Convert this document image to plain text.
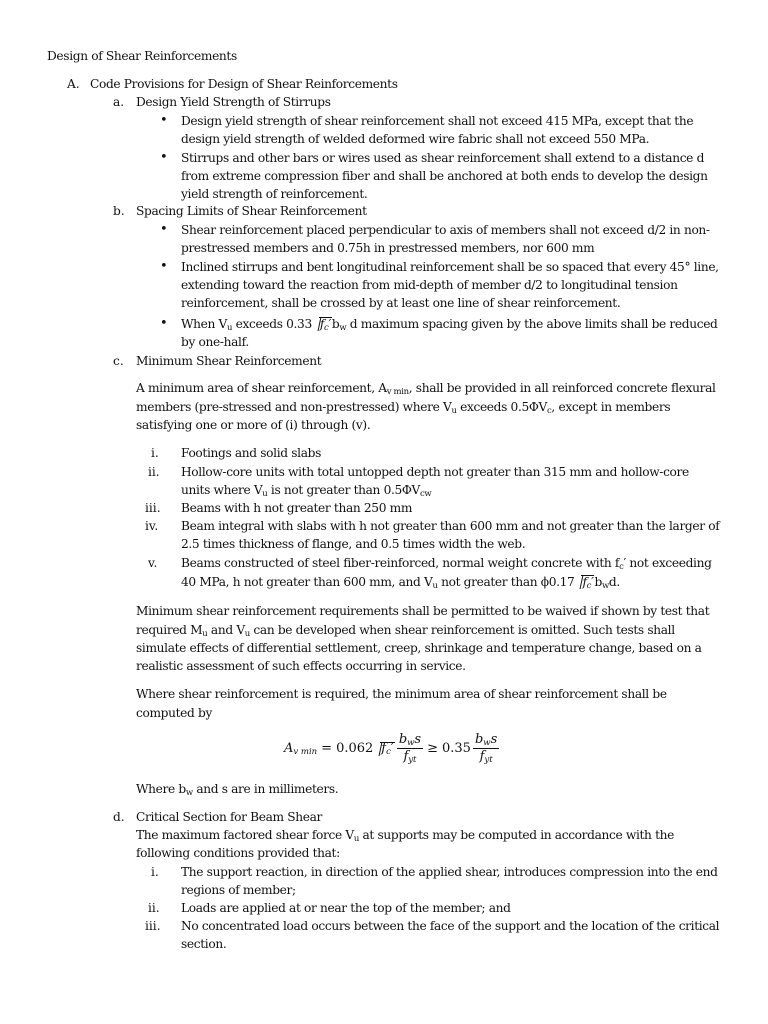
Design of Shear Reinforcements
A. Code Provisions for Design of Shear Reinforcements
a. Design Yield Strength of Stirrups
• Design yield strength of shear reinforcement shall not exceed 415 MPa, except that the
design yield strength of welded deformed wire fabric shall not exceed 550 MPa.
• Stirrups and other bars or wires used as shear reinforcement shall extend to a distance d
from extreme compression fiber and shall be anchored at both ends to develop the design
yield strength of reinforcement.
b. Spacing Limits of Shear Reinforcement
• Shear reinforcement placed perpendicular to axis of members shall not exceed d/2 in non-
prestressed members and 0.75h in prestressed members, nor 600 mm
• Inclined stirrups and bent longitudinal reinforcement shall be so spaced that every 45° line,
extending toward the reaction from mid-depth of member d/2 to longitudinal tension
reinforcement, shall be crossed by at least one line of shear reinforcement.
• When $V_u$ exceeds 0.33 $f_c'b_w$ d maximum spacing given by the above limits shall be reduced
by one-half.
c. Minimum Shear Reinforcement
A minimum area of shear reinforcement, $A_{v min}$, shall be provided in all reinforced concrete flexural
members (pre-stressed and non-prestressed) where $V_u$ exceeds $0.5\Phi V_c$, except in members
satisfying one or more of (i) through (v).
i. Footings and solid slabs
ii. Hollow-core units with total untopped depth not greater than 315 mm and hollow-core
units where $V_u$ is not greater than $0.5\Phi V_{cw}$
iii. Beams with h not greater than 250 mm
iv. Beam integral with slabs with h not greater than 600 mm and not greater than the larger of
2.5 times thickness of flange, and 0.5 times width the web.
v. Beams constructed of steel fiber-reinforced, normal weight concrete with $f_c'$ not exceeding
40 MPa, h not greater than 600 mm, and $V_u$ not greater than ϕ0.17 $f_c'b_wd$.
Minimum shear reinforcement requirements shall be permitted to be waived if shown by test that
required $M_u$ and $V_u$ can be developed when shear reinforcement is omitted. Such tests shall
simulate effects of differential settlement, creep, shrinkage and temperature change, based on a
realistic assessment of such effects occurring in service.
Where shear reinforcement is required, the minimum area of shear reinforcement shall be
computed by
$A_{v min} = 0.062$ $f_c' \frac{b_ws}{f_{yt}} \ge 0.35 \frac{b_ws}{f_{yt}}$
Where $b_w$ and s are in millimeters.
d. Critical Section for Beam Shear
The maximum factored shear force $V_u$ at supports may be computed in accordance with the
following conditions provided that:
i. The support reaction, in direction of the applied shear, introduces compression into the end
regions of member;
ii. Loads are applied at or near the top of the member; and
iii. No concentrated load occurs between the face of the support and the location of the critical
section.
